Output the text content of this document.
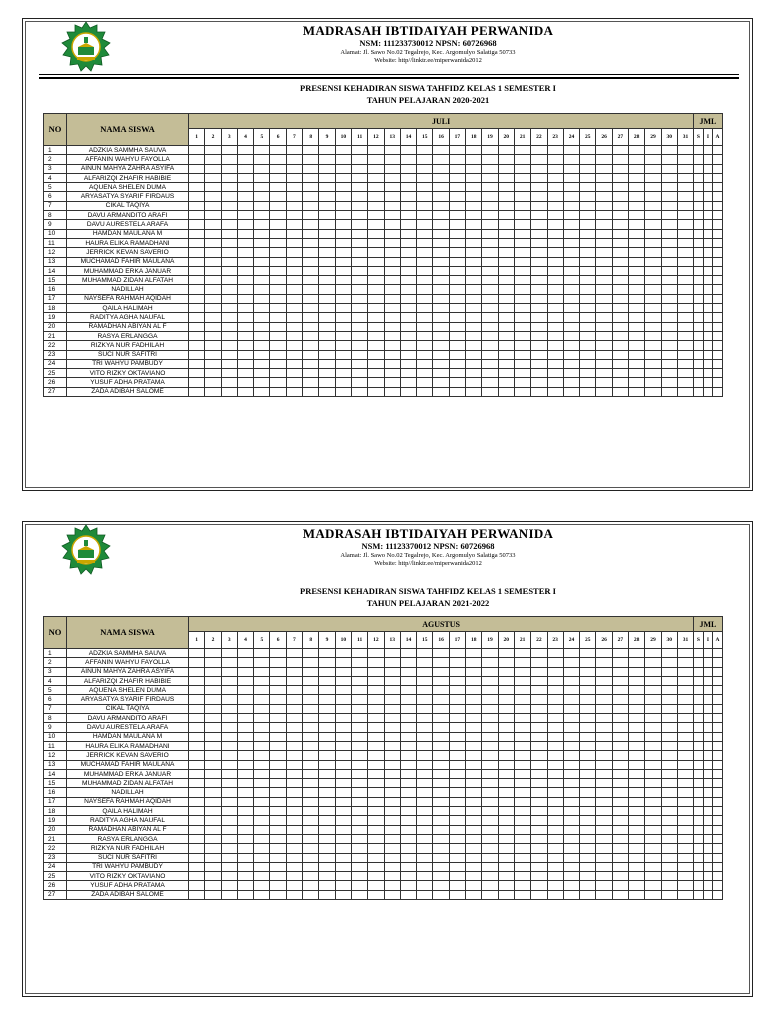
MADRASAH IBTIDAIYAH PERWANIDA
NSM: 111233730012 NPSN: 60726968
Alamat: Jl. Sawo No.02 Tegalrejo, Kec. Argomulyo Salatiga 50733
Website: http//linktr.ee/miperwanida2012
PRESENSI KEHADIRAN SISWA TAHFIDZ KELAS 1 SEMESTER I
TAHUN PELAJARAN 2020-2021
NO	NAMA SISWA	JULI																															JML		
		1	2	3	4	5	6	7	8	9	10	11	12	13	14	15	16	17	18	19	20	21	22	23	24	25	26	27	28	29	30	31	S	I	A
1	ADZKIA SAMMHA SAUVA																																		
2	AFFANIN WAHYU FAYOLLA																																		
3	AINUN MAHYA ZAHRA ASYIFA																																		
4	ALFARIZQI ZHAFIR HABIBIE																																		
5	AQUENA SHELEN DUMA																																		
6	ARYASATYA SYARIF FIRDAUS																																		
7	CIKAL TAQIYA																																		
8	DAVU ARMANDITO ARAFI																																		
9	DAVU AURESTELA ARAFA																																		
10	HAMDAN MAULANA M																																		
11	HAURA ELIKA RAMADHANI																																		
12	JERRICK KEVAN SAVERIO																																		
13	MUCHAMAD FAHIR MAULANA																																		
14	MUHAMMAD ERKA JANUAR																																		
15	MUHAMMAD ZIDAN ALFATAH																																		
16	NADILLAH																																		
17	NAYSEFA RAHMAH AQIDAH																																		
18	QAILA HALIMAH																																		
19	RADITYA AGHA NAUFAL																																		
20	RAMADHAN ABIYAN AL F																																		
21	RASYA ERLANGGA																																		
22	RIZKYA NUR FADHILAH																																		
23	SUCI NUR SAFITRI																																		
24	TRI WAHYU PAMBUDY																																		
25	VITO RIZKY OKTAVIANO																																		
26	YUSUF ADHA PRATAMA																																		
27	ZADA ADIBAH SALOME																																		
MADRASAH IBTIDAIYAH PERWANIDA
NSM: 11123370012 NPSN: 60726968
Alamat: Jl. Sawo No.02 Tegalrejo, Kec. Argomulyo Salatiga 50733
Website: http//linktr.ee/miperwanida2012
PRESENSI KEHADIRAN SISWA TAHFIDZ KELAS 1 SEMESTER I
TAHUN PELAJARAN 2021-2022
NO	NAMA SISWA	AGUSTUS																															JML		
		1	2	3	4	5	6	7	8	9	10	11	12	13	14	15	16	17	18	19	20	21	22	23	24	25	26	27	28	29	30	31	S	I	A
1	ADZKIA SAMMHA SAUVA																																		
2	AFFANIN WAHYU FAYOLLA																																		
3	AINUN MAHYA ZAHRA ASYIFA																																		
4	ALFARIZQI ZHAFIR HABIBIE																																		
5	AQUENA SHELEN DUMA																																		
6	ARYASATYA SYARIF FIRDAUS																																		
7	CIKAL TAQIYA																																		
8	DAVU ARMANDITO ARAFI																																		
9	DAVU AURESTELA ARAFA																																		
10	HAMDAN MAULANA M																																		
11	HAURA ELIKA RAMADHANI																																		
12	JERRICK KEVAN SAVERIO																																		
13	MUCHAMAD FAHIR MAULANA																																		
14	MUHAMMAD ERKA JANUAR																																		
15	MUHAMMAD ZIDAN ALFATAH																																		
16	NADILLAH																																		
17	NAYSEFA RAHMAH AQIDAH																																		
18	QAILA HALIMAH																																		
19	RADITYA AGHA NAUFAL																																		
20	RAMADHAN ABIYAN AL F																																		
21	RASYA ERLANGGA																																		
22	RIZKYA NUR FADHILAH																																		
23	SUCI NUR SAFITRI																																		
24	TRI WAHYU PAMBUDY																																		
25	VITO RIZKY OKTAVIANO																																		
26	YUSUF ADHA PRATAMA																																		
27	ZADA ADIBAH SALOME																																		
